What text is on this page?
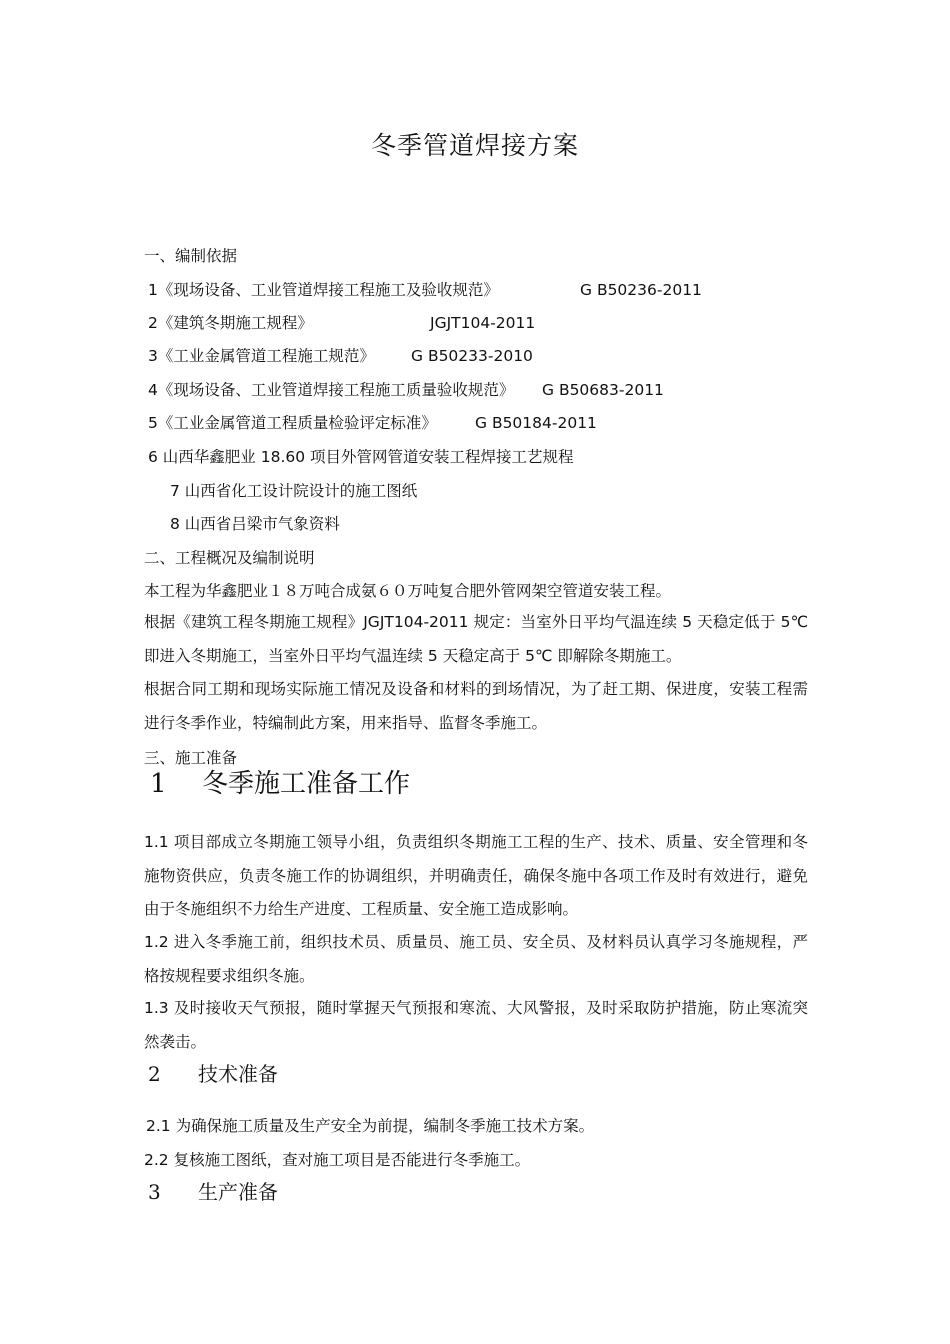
冬季管道焊接方案
一、编制依据
1《现场设备、工业管道焊接工程施工及验收规范》	G B50236-2011
2《建筑冬期施工规程》	JGJT104-2011
3《工业金属管道工程施工规范》 G B50233-2010
4《现场设备、工业管道焊接工程施工质量验收规范》 G B50683-2011
5《工业金属管道工程质量检验评定标准》 G B50184-2011
6 山西华鑫肥业 18.60 项目外管网管道安装工程焊接工艺规程
7 山西省化工设计院设计的施工图纸
8 山西省吕梁市气象资料
二、工程概况及编制说明
本工程为华鑫肥业１８万吨合成氨６０万吨复合肥外管网架空管道安装工程。
根据《建筑工程冬期施工规程》JGJT104-2011 规定：当室外日平均气温连续 5 天稳定低于 5℃ 即进入冬期施工，当室外日平均气温连续 5 天稳定高于 5℃ 即解除冬期施工。
根据合同工期和现场实际施工情况及设备和材料的到场情况，为了赶工期、保进度，安装工程需进行冬季作业，特编制此方案，用来指导、监督冬季施工。
三、施工准备
1 冬季施工准备工作
1.1 项目部成立冬期施工领导小组，负责组织冬期施工工程的生产、技术、质量、安全管理和冬施物资供应，负责冬施工作的协调组织，并明确责任，确保冬施中各项工作及时有效进行，避免由于冬施组织不力给生产进度、工程质量、安全施工造成影响。
1.2 进入冬季施工前，组织技术员、质量员、施工员、安全员、及材料员认真学习冬施规程，严格按规程要求组织冬施。
1.3 及时接收天气预报，随时掌握天气预报和寒流、大风警报，及时采取防护措施，防止寒流突然袭击。
2 技术准备
2.1 为确保施工质量及生产安全为前提，编制冬季施工技术方案。
2.2 复核施工图纸，查对施工项目是否能进行冬季施工。
3 生产准备
